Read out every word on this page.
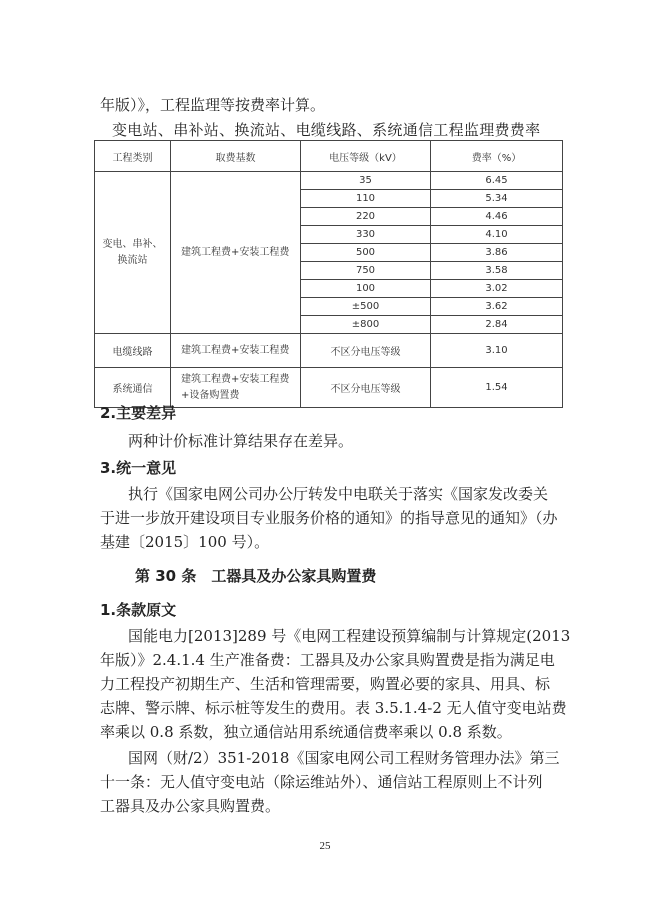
年版）》，工程监理等按费率计算。
变电站、串补站、换流站、电缆线路、系统通信工程监理费费率
工程类别	取费基数	电压等级（kV）	费率（%）
变电、串补、换流站	建筑工程费+安装工程费	35	6.45
		110	5.34
		220	4.46
		330	4.10
		500	3.86
		750	3.58
		100	3.02
		±500	3.62
		±800	2.84
电缆线路	建筑工程费+安装工程费	不区分电压等级	3.10
系统通信	建筑工程费+安装工程费+设备购置费	不区分电压等级	1.54
2.主要差异
两种计价标准计算结果存在差异。
3.统一意见
执行《国家电网公司办公厅转发中电联关于落实《国家发改委关
于进一步放开建设项目专业服务价格的通知》的指导意见的通知》（办
基建〔2015〕100 号）。
第 30 条　工器具及办公家具购置费
1.条款原文
国能电力[2013]289 号《电网工程建设预算编制与计算规定(2013
年版）》2.4.1.4 生产准备费：工器具及办公家具购置费是指为满足电
力工程投产初期生产、生活和管理需要，购置必要的家具、用具、标
志牌、警示牌、标示桩等发生的费用。表 3.5.1.4-2 无人值守变电站费
率乘以 0.8 系数，独立通信站用系统通信费率乘以 0.8 系数。
国网（财/2）351-2018《国家电网公司工程财务管理办法》第三
十一条：无人值守变电站（除运维站外）、通信站工程原则上不计列
工器具及办公家具购置费。
25
